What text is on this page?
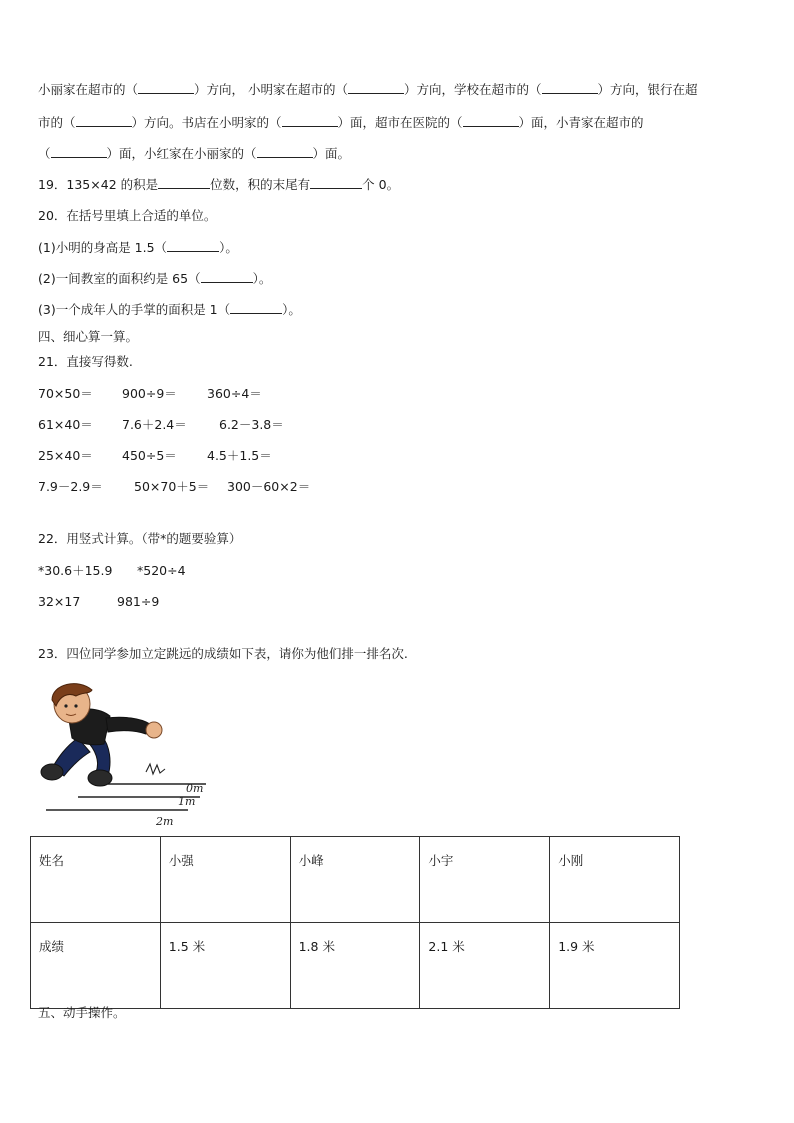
小丽家在超市的（	）方向， 小明家在超市的（	）方向，学校在超市的（	）方向，银行在超
市的（	）方向。书店在小明家的（	）面，超市在医院的（	）面，小青家在超市的
（	）面，小红家在小丽家的（	）面。
19．135×42 的积是	位数，积的末尾有	个 0。
20．在括号里填上合适的单位。
(1)小明的身高是 1.5（	）。
(2)一间教室的面积约是 65（	）。
(3)一个成年人的手掌的面积是 1（	）。
四、细心算一算。
21．直接写得数.
70×50＝ 900÷9＝ 360÷4＝
61×40＝ 7.6＋2.4＝	6.2－3.8＝
25×40＝ 450÷5＝ 4.5＋1.5＝
7.9－2.9＝ 50×70＋5＝ 300－60×2＝
22．用竖式计算。（带*的题要验算）
*30.6＋15.9 *520÷4
32×17	981÷9
23．四位同学参加立定跳远的成绩如下表，请你为他们排一排名次.
0m
1m
2m
姓名	小强	小峰	小宇	小刚
成绩	1.5 米	1.8 米	2.1 米	1.9 米
五、动手操作。
